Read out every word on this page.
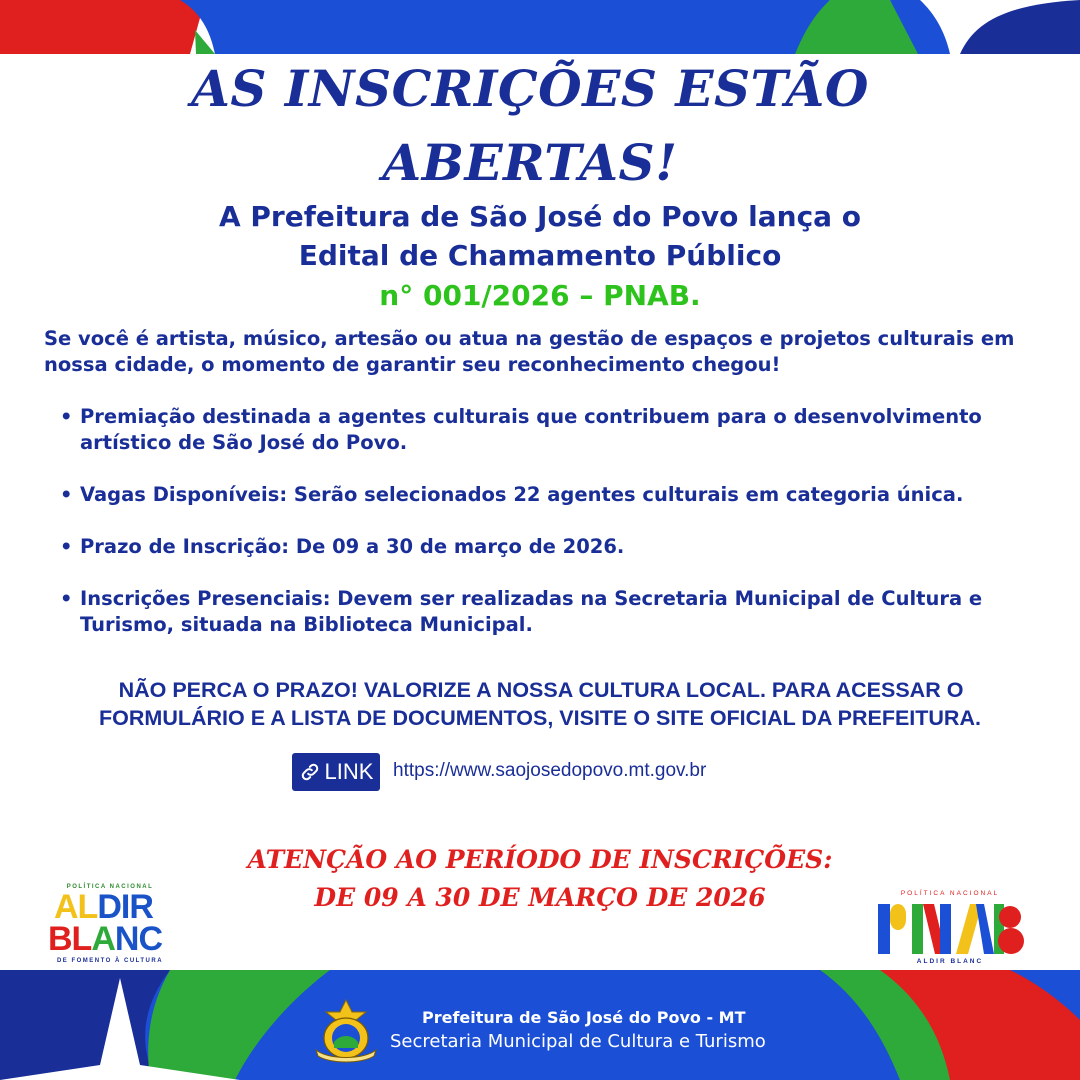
AS INSCRIÇÕES ESTÃO
ABERTAS!
A Prefeitura de São José do Povo lança o
Edital de Chamamento Público
n° 001/2026 – PNAB.

Se você é artista, músico, artesão ou atua na gestão de espaços e projetos culturais em nossa cidade, o momento de garantir seu reconhecimento chegou!

• Premiação destinada a agentes culturais que contribuem para o desenvolvimento artístico de São José do Povo.
• Vagas Disponíveis: Serão selecionados 22 agentes culturais em categoria única.
• Prazo de Inscrição: De 09 a 30 de março de 2026.
• Inscrições Presenciais: Devem ser realizadas na Secretaria Municipal de Cultura e Turismo, situada na Biblioteca Municipal.
NÃO PERCA O PRAZO! VALORIZE A NOSSA CULTURA LOCAL. PARA ACESSAR O
FORMULÁRIO E A LISTA DE DOCUMENTOS, VISITE O SITE OFICIAL DA PREFEITURA.
LINK https://www.saojosedopovo.mt.gov.br
ATENÇÃO AO PERÍODO DE INSCRIÇÕES:
DE 09 A 30 DE MARÇO DE 2026
POLÍTICA NACIONAL
ALDIR
BLANC
DE FOMENTO À CULTURA
POLÍTICA NACIONAL
ALDIR BLANC
Prefeitura de São José do Povo - MT
Secretaria Municipal de Cultura e Turismo
